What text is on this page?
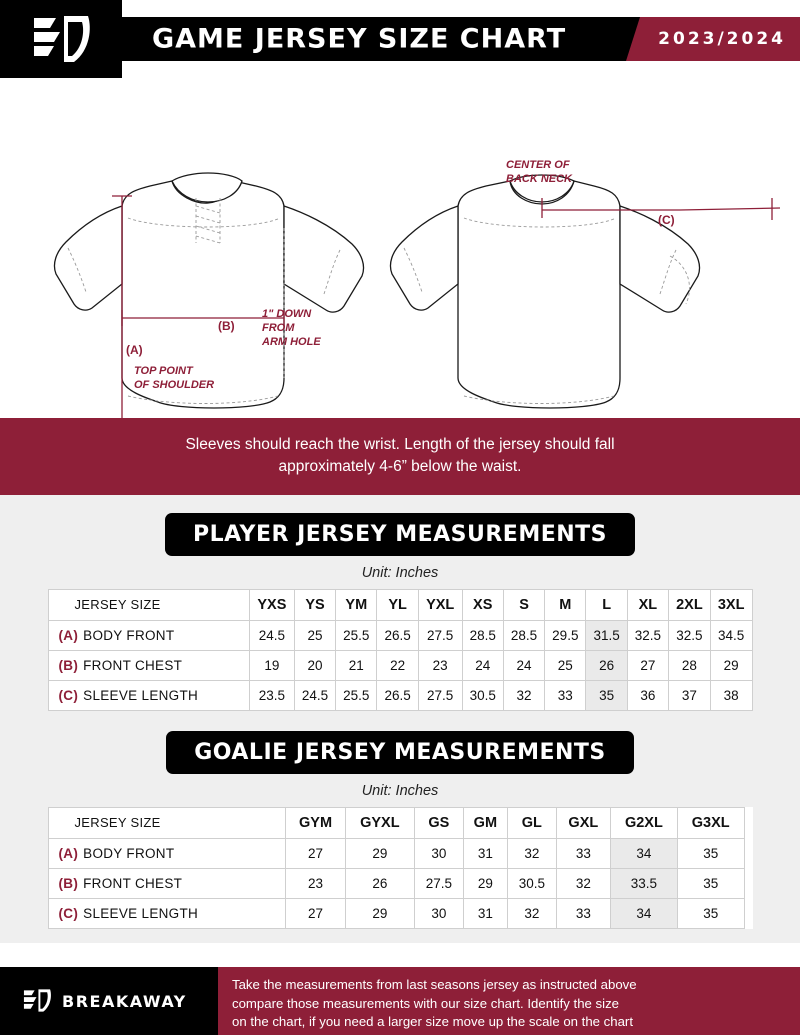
GAME JERSEY SIZE CHART	2023/2024
(A)
TOP POINT
OF SHOULDER
(B)
1" DOWN
FROM
ARM HOLE
(C)
CENTER OF
BACK NECK
Sleeves should reach the wrist. Length of the jersey should fall
approximately 4-6” below the waist.
PLAYER JERSEY MEASUREMENTS
Unit: Inches
JERSEY SIZE	YXS	YS	YM	YL	YXL	XS	S	M	L	XL	2XL	3XL
(A) BODY FRONT	24.5	25	25.5	26.5	27.5	28.5	28.5	29.5	31.5	32.5	32.5	34.5
(B) FRONT CHEST	19	20	21	22	23	24	24	25	26	27	28	29
(C) SLEEVE LENGTH	23.5	24.5	25.5	26.5	27.5	30.5	32	33	35	36	37	38
GOALIE JERSEY MEASUREMENTS
Unit: Inches
JERSEY SIZE	GYM	GYXL	GS	GM	GL	GXL	G2XL	G3XL	
(A) BODY FRONT	27	29	30	31	32	33	34	35	
(B) FRONT CHEST	23	26	27.5	29	30.5	32	33.5	35	
(C) SLEEVE LENGTH	27	29	30	31	32	33	34	35	
BREAKAWAY
Take the measurements from last seasons jersey as instructed above
compare those measurements with our size chart. Identify the size
on the chart, if you need a larger size move up the scale on the chart
